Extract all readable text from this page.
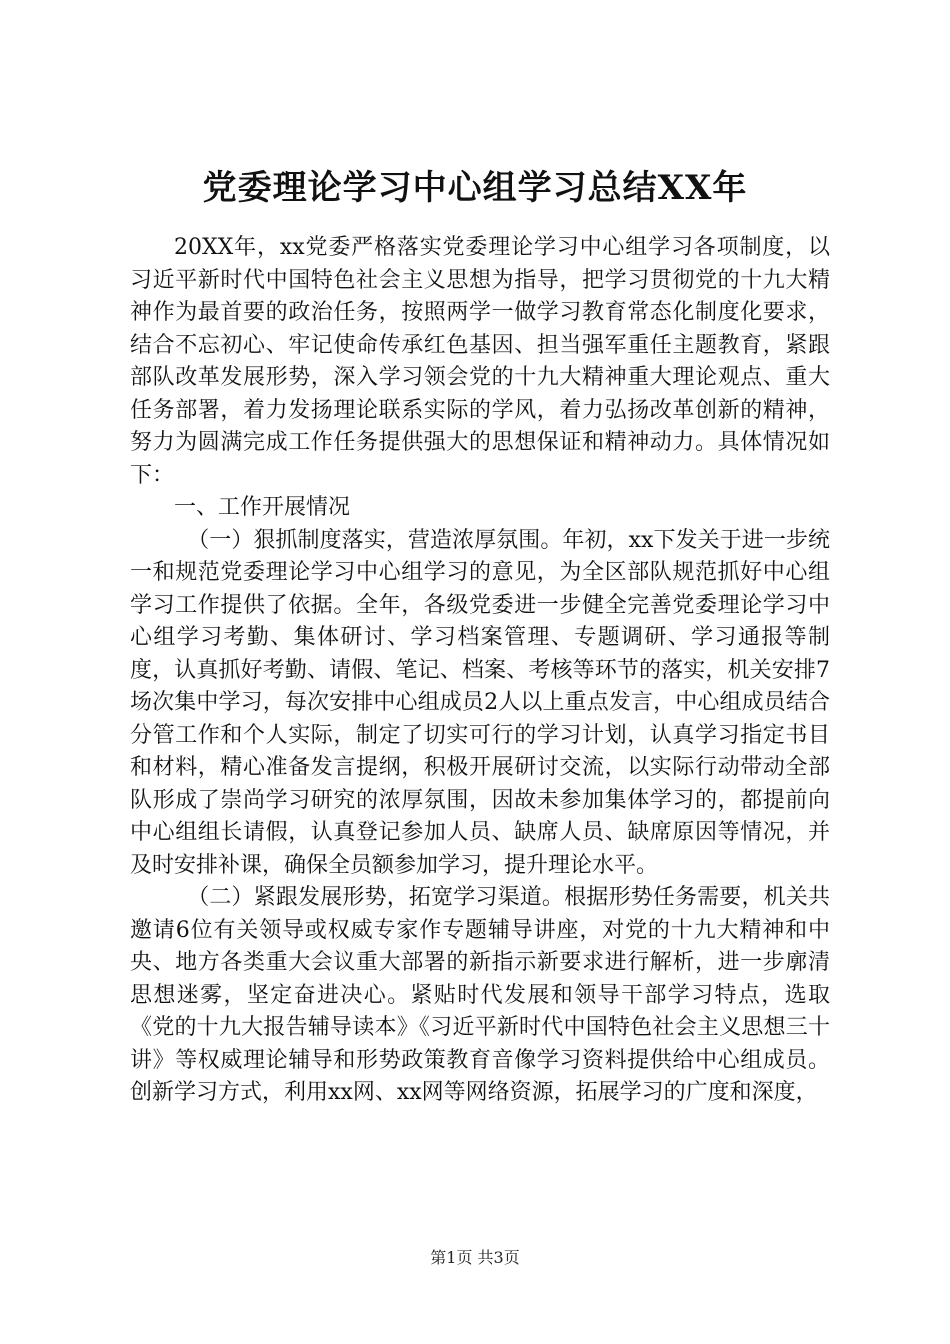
党委理论学习中心组学习总结XX年

20XX年，xx党委严格落实党委理论学习中心组学习各项制度，以习近平新时代中国特色社会主义思想为指导，把学习贯彻党的十九大精神作为最首要的政治任务，按照两学一做学习教育常态化制度化要求，结合不忘初心、牢记使命传承红色基因、担当强军重任主题教育，紧跟部队改革发展形势，深入学习领会党的十九大精神重大理论观点、重大任务部署，着力发扬理论联系实际的学风，着力弘扬改革创新的精神，努力为圆满完成工作任务提供强大的思想保证和精神动力。具体情况如下：

一、工作开展情况

（一）狠抓制度落实，营造浓厚氛围。年初，xx下发关于进一步统一和规范党委理论学习中心组学习的意见，为全区部队规范抓好中心组学习工作提供了依据。全年，各级党委进一步健全完善党委理论学习中心组学习考勤、集体研讨、学习档案管理、专题调研、学习通报等制度，认真抓好考勤、请假、笔记、档案、考核等环节的落实，机关安排7场次集中学习，每次安排中心组成员2人以上重点发言，中心组成员结合分管工作和个人实际，制定了切实可行的学习计划，认真学习指定书目和材料，精心准备发言提纲，积极开展研讨交流，以实际行动带动全部队形成了崇尚学习研究的浓厚氛围，因故未参加集体学习的，都提前向中心组组长请假，认真登记参加人员、缺席人员、缺席原因等情况，并及时安排补课，确保全员额参加学习，提升理论水平。

（二）紧跟发展形势，拓宽学习渠道。根据形势任务需要，机关共邀请6位有关领导或权威专家作专题辅导讲座，对党的十九大精神和中央、地方各类重大会议重大部署的新指示新要求进行解析，进一步廓清思想迷雾，坚定奋进决心。紧贴时代发展和领导干部学习特点，选取《党的十九大报告辅导读本》《习近平新时代中国特色社会主义思想三十讲》等权威理论辅导和形势政策教育音像学习资料提供给中心组成员。创新学习方式，利用xx网、xx网等网络资源，拓展学习的广度和深度，

第1页 共3页
